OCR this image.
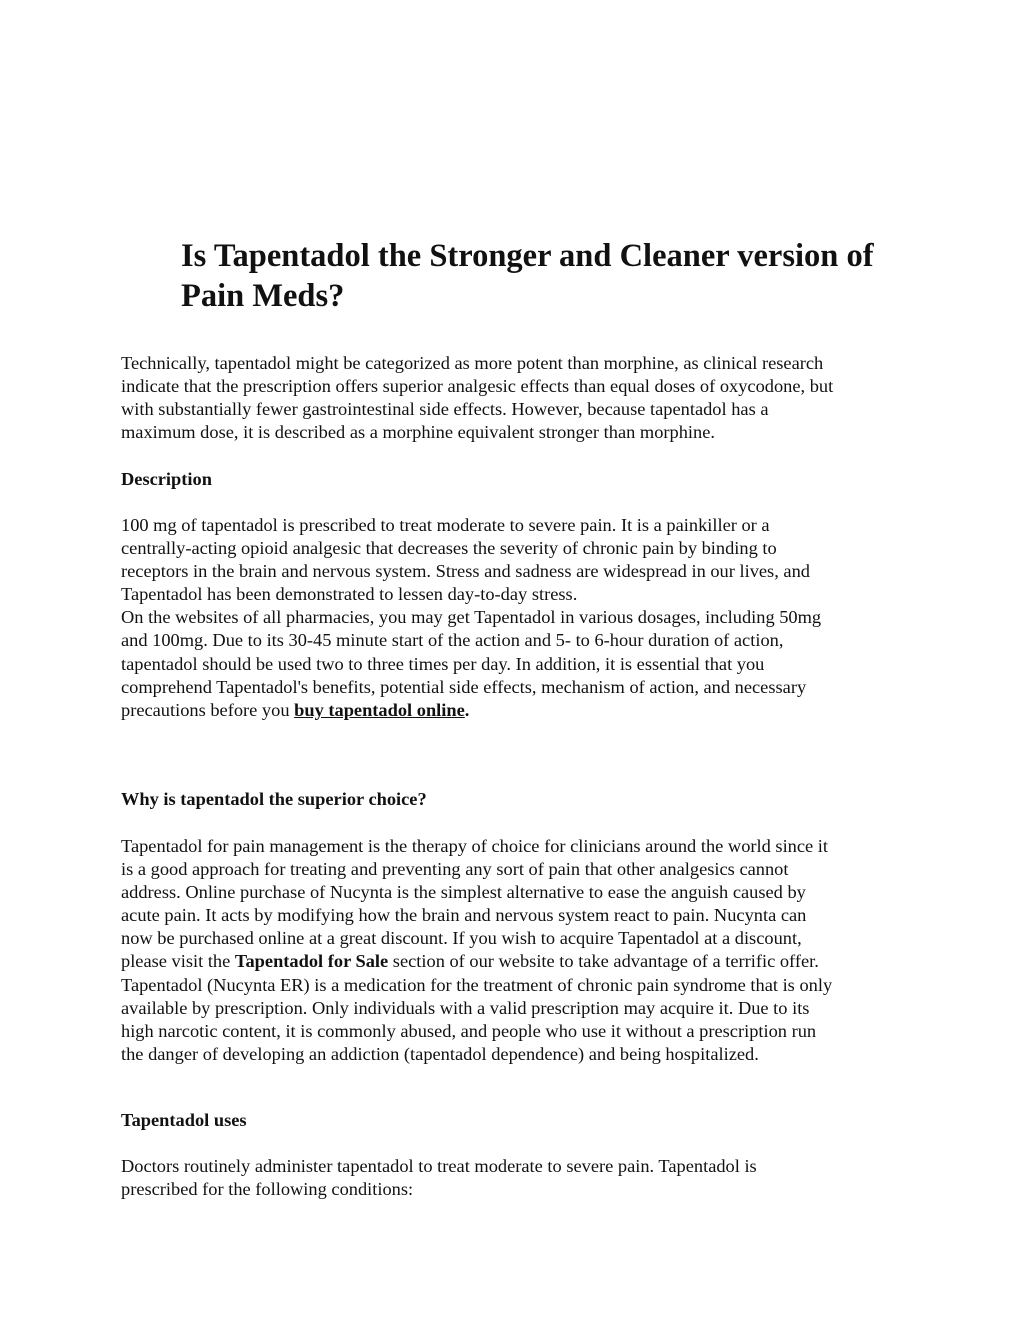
Is Tapentadol the Stronger and Cleaner version of
Pain Meds?

Technically, tapentadol might be categorized as more potent than morphine, as clinical research
indicate that the prescription offers superior analgesic effects than equal doses of oxycodone, but
with substantially fewer gastrointestinal side effects. However, because tapentadol has a
maximum dose, it is described as a morphine equivalent stronger than morphine.

Description

100 mg of tapentadol is prescribed to treat moderate to severe pain. It is a painkiller or a
centrally-acting opioid analgesic that decreases the severity of chronic pain by binding to
receptors in the brain and nervous system. Stress and sadness are widespread in our lives, and
Tapentadol has been demonstrated to lessen day-to-day stress.
On the websites of all pharmacies, you may get Tapentadol in various dosages, including 50mg
and 100mg. Due to its 30-45 minute start of the action and 5- to 6-hour duration of action,
tapentadol should be used two to three times per day. In addition, it is essential that you
comprehend Tapentadol's benefits, potential side effects, mechanism of action, and necessary
precautions before you buy tapentadol online.

Why is tapentadol the superior choice?

Tapentadol for pain management is the therapy of choice for clinicians around the world since it
is a good approach for treating and preventing any sort of pain that other analgesics cannot
address. Online purchase of Nucynta is the simplest alternative to ease the anguish caused by
acute pain. It acts by modifying how the brain and nervous system react to pain. Nucynta can
now be purchased online at a great discount. If you wish to acquire Tapentadol at a discount,
please visit the Tapentadol for Sale section of our website to take advantage of a terrific offer.
Tapentadol (Nucynta ER) is a medication for the treatment of chronic pain syndrome that is only
available by prescription. Only individuals with a valid prescription may acquire it. Due to its
high narcotic content, it is commonly abused, and people who use it without a prescription run
the danger of developing an addiction (tapentadol dependence) and being hospitalized.

Tapentadol uses

Doctors routinely administer tapentadol to treat moderate to severe pain. Tapentadol is
prescribed for the following conditions:
